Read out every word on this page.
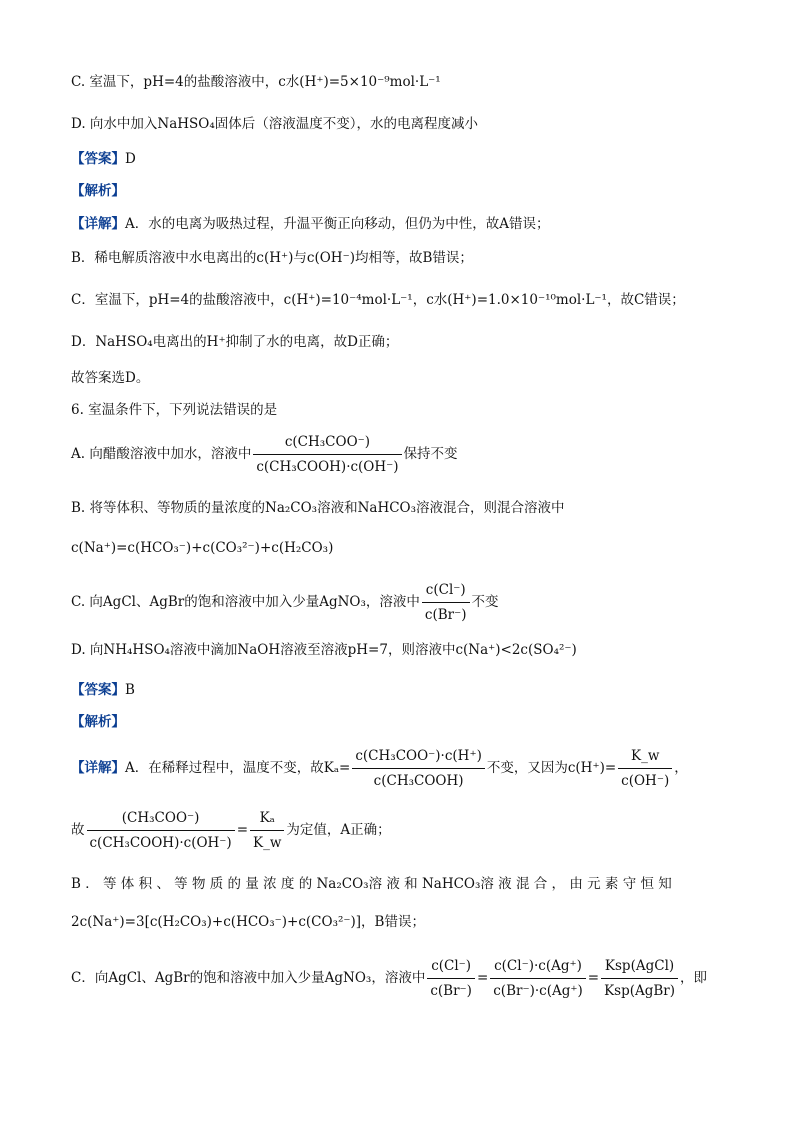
C. 室温下，pH=4的盐酸溶液中，c水(H⁺)=5×10⁻⁹mol·L⁻¹
D. 向水中加入NaHSO₄固体后（溶液温度不变），水的电离程度减小
【答案】D
【解析】
【详解】A．水的电离为吸热过程，升温平衡正向移动，但仍为中性，故A错误；
B．稀电解质溶液中水电离出的c(H⁺)与c(OH⁻)均相等，故B错误；
C．室温下，pH=4的盐酸溶液中，c(H⁺)=10⁻⁴mol·L⁻¹，c水(H⁺)=1.0×10⁻¹⁰mol·L⁻¹，故C错误；
D．NaHSO₄电离出的H⁺抑制了水的电离，故D正确；
故答案选D。
6. 室温条件下，下列说法错误的是
A. 向醋酸溶液中加水，溶液中 $\frac{\text{c(CH₃COO⁻)}}{\text{c(CH₃COOH)·c(OH⁻)}}$ 保持不变
B. 将等体积、等物质的量浓度的Na₂CO₃溶液和NaHCO₃溶液混合，则混合溶液中
c(Na⁺)=c(HCO₃⁻)+c(CO₃²⁻)+c(H₂CO₃)
C. 向AgCl、AgBr的饱和溶液中加入少量AgNO₃，溶液中 $\frac{c(Cl^-)}{c(Br^-)}$ 不变
D. 向NH₄HSO₄溶液中滴加NaOH溶液至溶液pH=7，则溶液中c(Na⁺)<2c(SO₄²⁻)
【答案】B
【解析】
【详解】A．在稀释过程中，温度不变，故$K_a= \frac{\text{c(CH₃COO⁻)·c(H⁺)}}{\text{c(CH₃COOH)}}$ 不变，又因为$c(H^+)= \frac{K\_w}{c(OH^-)}$ ，
故 $\frac{\text{(CH₃COO⁻)}}{\text{c(CH₃COOH)·c(OH⁻)}} = \frac{\text{Kₐ}}{K\_w}$ 为定值，A正确；
B ． 等 体 积 、 等 物 质 的 量 浓 度 的 Na₂CO₃溶 液 和 NaHCO₃溶 液 混 合 ， 由 元 素 守 恒 知
2c(Na⁺)=3[c(H₂CO₃)+c(HCO₃⁻)+c(CO₃²⁻)]，B错误；
C．向AgCl、AgBr的饱和溶液中加入少量AgNO₃，溶液中 $\frac{c(Cl^-)}{c(Br^-)} = \frac{c(Cl^-)\cdot c(Ag^+)}{c(Br^-)\cdot c(Ag^+)} = \frac{\text{Ksp(AgCl)}}{\text{Ksp(AgBr)}}$ ，即
